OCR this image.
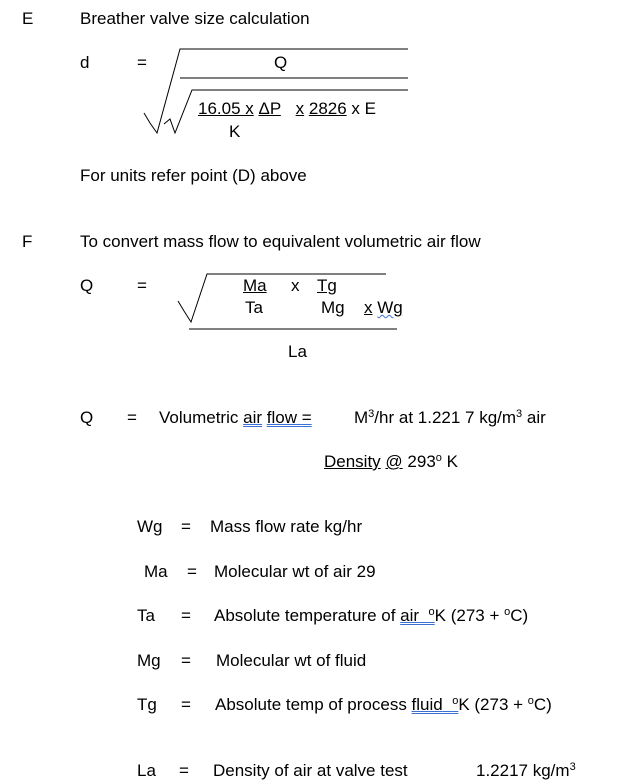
E	Breather valve size calculation
d	=	Q
16.05 x ΔP x 2826 x E
K
For units refer point (D) above
F	To convert mass flow to equivalent volumetric air flow
Q	=	Ma x Tg
Ta	Mg x Wg
La
Q = Volumetric air flow = $M^3/hr$ at 1.221 7 $kg/m^3$ air
Density @ 293$^o$ K
Wg = Mass flow rate kg/hr
Ma = Molecular wt of air 29
Ta = Absolute temperature of air $^o$K (273 + $^o$C)
Mg = Molecular wt of fluid
Tg = Absolute temp of process fluid $^o$K (273 + $^o$C)
La = Density of air at valve test	1.2217 $kg/m^3$
